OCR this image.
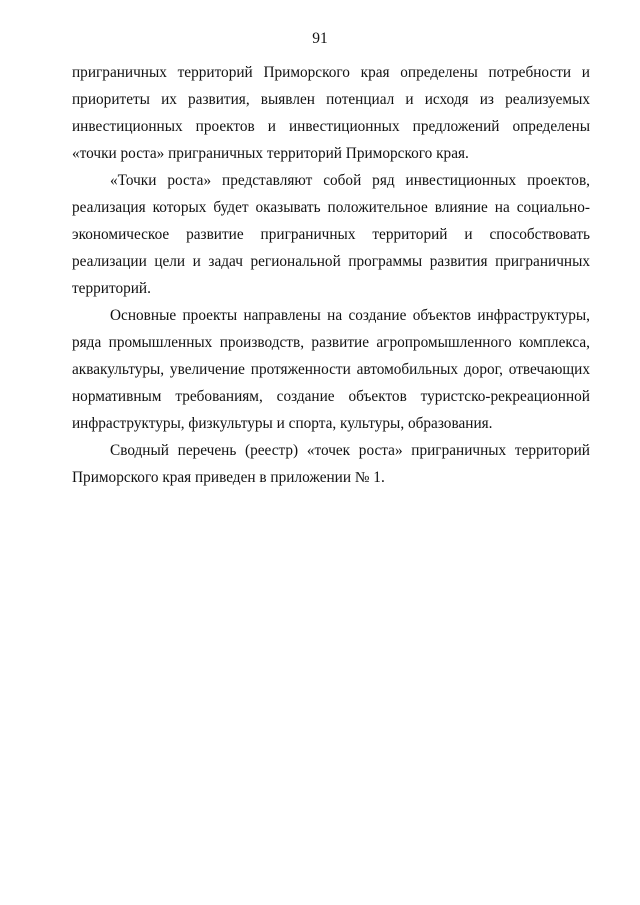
91

приграничных территорий Приморского края определены потребности и приоритеты их развития, выявлен потенциал и исходя из реализуемых инвестиционных проектов и инвестиционных предложений определены «точки роста» приграничных территорий Приморского края.

«Точки роста» представляют собой ряд инвестиционных проектов, реализация которых будет оказывать положительное влияние на социально-экономическое развитие приграничных территорий и способствовать реализации цели и задач региональной программы развития приграничных территорий.

Основные проекты направлены на создание объектов инфраструктуры, ряда промышленных производств, развитие агропромышленного комплекса, аквакультуры, увеличение протяженности автомобильных дорог, отвечающих нормативным требованиям, создание объектов туристско-рекреационной инфраструктуры, физкультуры и спорта, культуры, образования.

Сводный перечень (реестр) «точек роста» приграничных территорий Приморского края приведен в приложении № 1.
